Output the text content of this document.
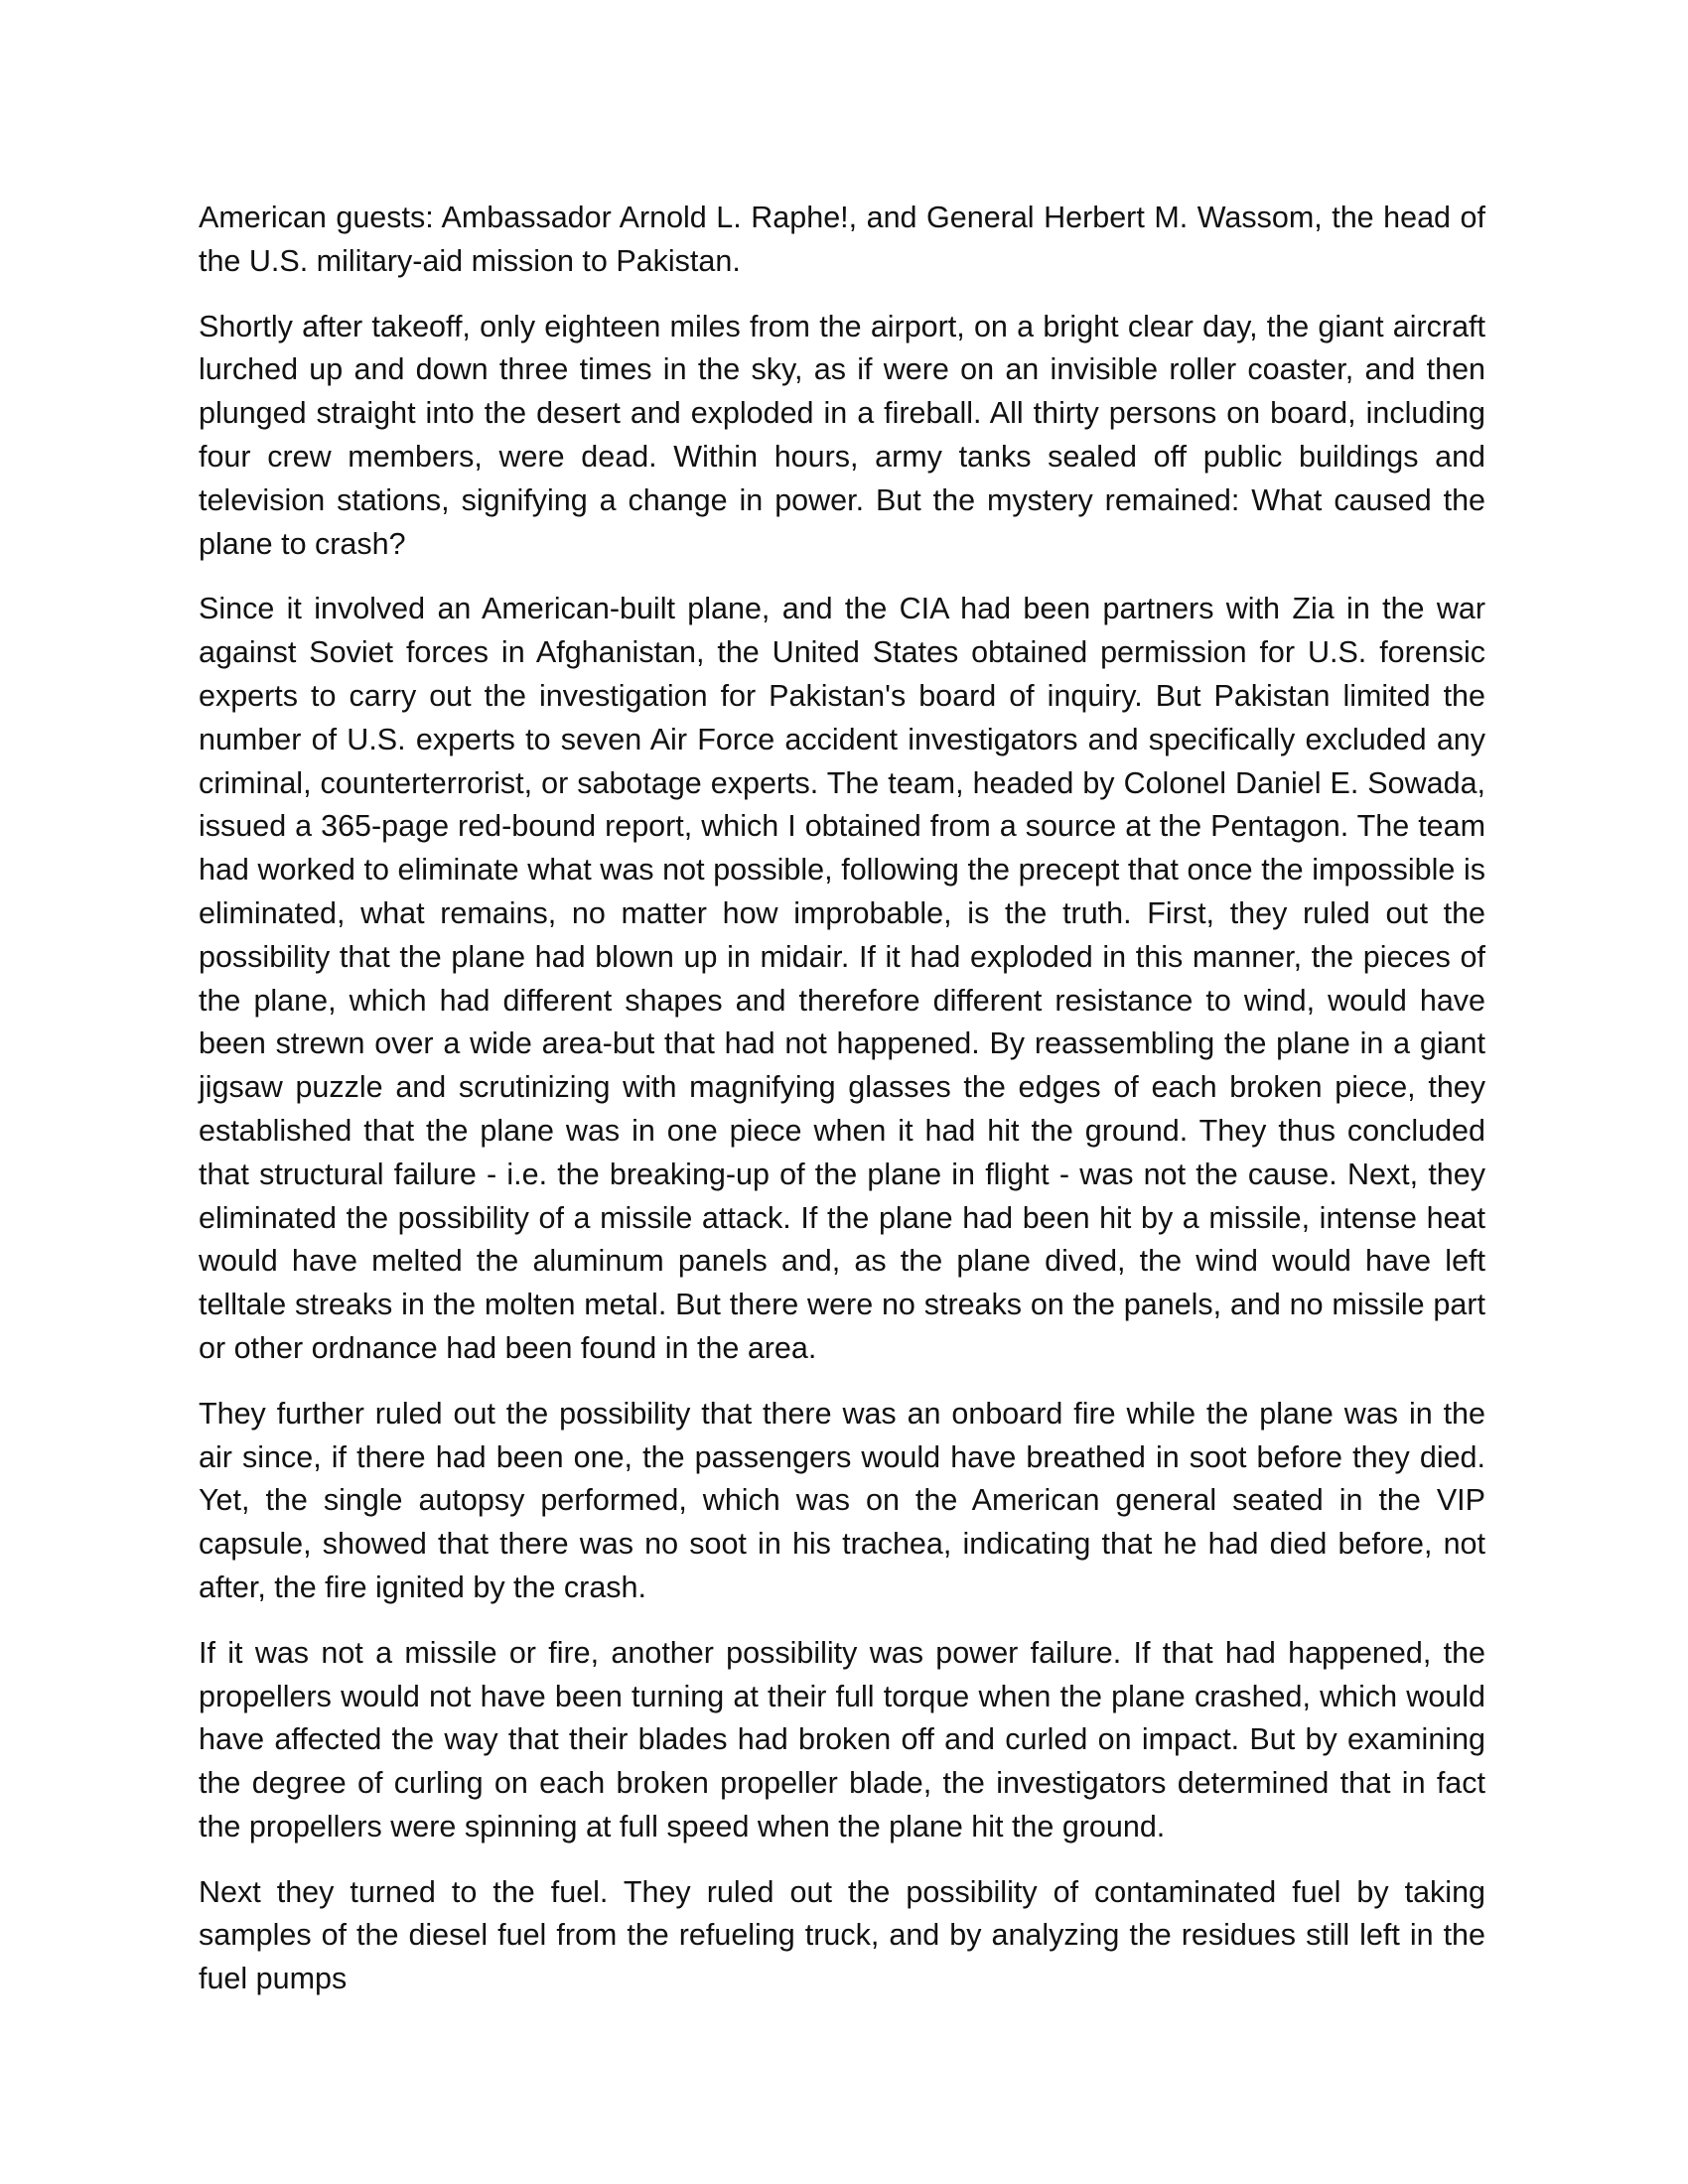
American guests: Ambassador Arnold L. Raphe!, and General Herbert M. Wassom, the head of the U.S. military-aid mission to Pakistan.

Shortly after takeoff, only eighteen miles from the airport, on a bright clear day, the giant aircraft lurched up and down three times in the sky, as if were on an invisible roller coaster, and then plunged straight into the desert and exploded in a fireball. All thirty persons on board, including four crew members, were dead. Within hours, army tanks sealed off public buildings and television stations, signifying a change in power. But the mystery remained: What caused the plane to crash?

Since it involved an American-built plane, and the CIA had been partners with Zia in the war against Soviet forces in Afghanistan, the United States obtained permission for U.S. forensic experts to carry out the investigation for Pakistan's board of inquiry. But Pakistan limited the number of U.S. experts to seven Air Force accident investigators and specifically excluded any criminal, counterterrorist, or sabotage experts. The team, headed by Colonel Daniel E. Sowada, issued a 365-page red-bound report, which I obtained from a source at the Pentagon. The team had worked to eliminate what was not possible, following the precept that once the impossible is eliminated, what remains, no matter how improbable, is the truth. First, they ruled out the possibility that the plane had blown up in midair. If it had exploded in this manner, the pieces of the plane, which had different shapes and therefore different resistance to wind, would have been strewn over a wide area-but that had not happened. By reassembling the plane in a giant jigsaw puzzle and scrutinizing with magnifying glasses the edges of each broken piece, they established that the plane was in one piece when it had hit the ground. They thus concluded that structural failure - i.e. the breaking-up of the plane in flight - was not the cause. Next, they eliminated the possibility of a missile attack. If the plane had been hit by a missile, intense heat would have melted the aluminum panels and, as the plane dived, the wind would have left telltale streaks in the molten metal. But there were no streaks on the panels, and no missile part or other ordnance had been found in the area.

They further ruled out the possibility that there was an onboard fire while the plane was in the air since, if there had been one, the passengers would have breathed in soot before they died. Yet, the single autopsy performed, which was on the American general seated in the VIP capsule, showed that there was no soot in his trachea, indicating that he had died before, not after, the fire ignited by the crash.

If it was not a missile or fire, another possibility was power failure. If that had happened, the propellers would not have been turning at their full torque when the plane crashed, which would have affected the way that their blades had broken off and curled on impact. But by examining the degree of curling on each broken propeller blade, the investigators determined that in fact the propellers were spinning at full speed when the plane hit the ground.

Next they turned to the fuel. They ruled out the possibility of contaminated fuel by taking samples of the diesel fuel from the refueling truck, and by analyzing the residues still left in the fuel pumps
